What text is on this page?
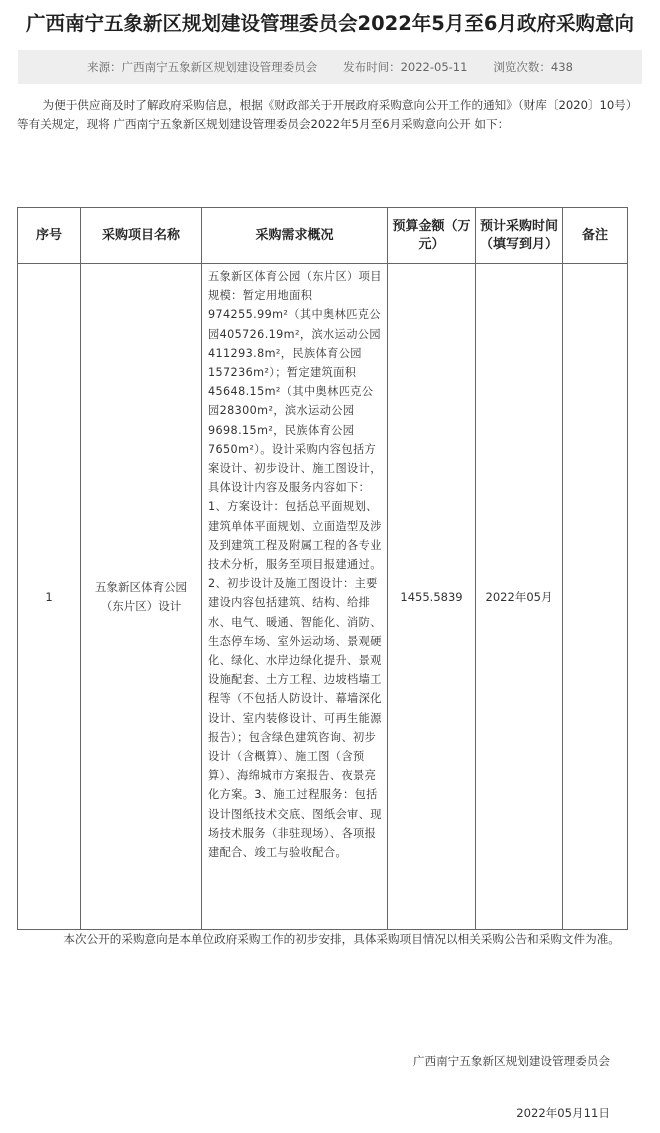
广西南宁五象新区规划建设管理委员会2022年5月至6月政府采购意向
来源：广西南宁五象新区规划建设管理委员会 发布时间：2022-05-11 浏览次数：438

为便于供应商及时了解政府采购信息，根据《财政部关于开展政府采购意向公开工作的通知》（财库〔2020〕10号）等有关规定，现将 广西南宁五象新区规划建设管理委员会2022年5月至6月采购意向公开 如下：

序号	采购项目名称	采购需求概况	预算金额（万元）	预计采购时间（填写到月）	备注
1	五象新区体育公园（东片区）设计	五象新区体育公园（东片区）项目规模：暂定用地面积974255.99m²（其中奥林匹克公园405726.19m²，滨水运动公园411293.8m²，民族体育公园157236m²）；暂定建筑面积45648.15m²（其中奥林匹克公园28300m²，滨水运动公园9698.15m²，民族体育公园7650m²）。设计采购内容包括方案设计、初步设计、施工图设计，具体设计内容及服务内容如下：1、方案设计：包括总平面规划、建筑单体平面规划、立面造型及涉及到建筑工程及附属工程的各专业技术分析，服务至项目报建通过。2、初步设计及施工图设计：主要建设内容包括建筑、结构、给排水、电气、暖通、智能化、消防、生态停车场、室外运动场、景观硬化、绿化、水岸边绿化提升、景观设施配套、土方工程、边坡档墙工程等（不包括人防设计、幕墙深化设计、室内装修设计、可再生能源报告）；包含绿色建筑咨询、初步设计（含概算）、施工图（含预算）、海绵城市方案报告、夜景亮化方案。3、施工过程服务：包括设计图纸技术交底、图纸会审、现场技术服务（非驻现场）、各项报建配合、竣工与验收配合。	1455.5839	2022年05月	

本次公开的采购意向是本单位政府采购工作的初步安排，具体采购项目情况以相关采购公告和采购文件为准。

广西南宁五象新区规划建设管理委员会
2022年05月11日
